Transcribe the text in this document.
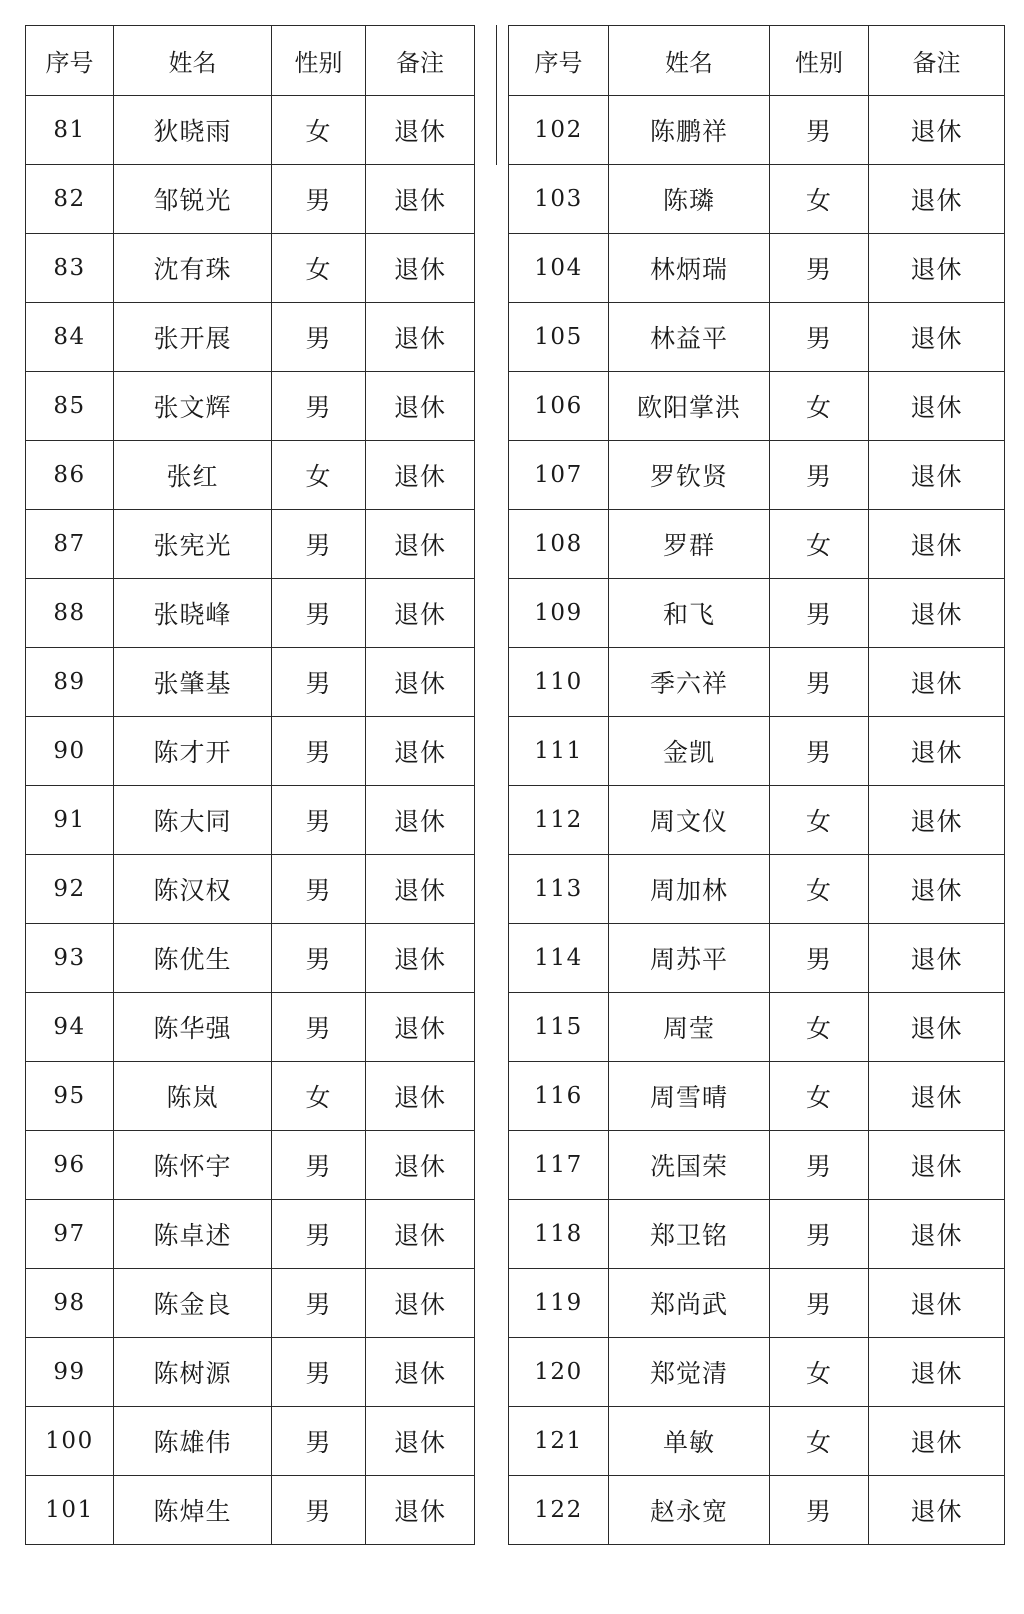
序号	姓名	性别	备注
81	狄晓雨	女	退休
82	邹锐光	男	退休
83	沈有珠	女	退休
84	张开展	男	退休
85	张文辉	男	退休
86	张红	女	退休
87	张宪光	男	退休
88	张晓峰	男	退休
89	张肇基	男	退休
90	陈才开	男	退休
91	陈大同	男	退休
92	陈汉权	男	退休
93	陈优生	男	退休
94	陈华强	男	退休
95	陈岚	女	退休
96	陈怀宇	男	退休
97	陈卓述	男	退休
98	陈金良	男	退休
99	陈树源	男	退休
100	陈雄伟	男	退休
101	陈焯生	男	退休
序号	姓名	性别	备注
102	陈鹏祥	男	退休
103	陈璘	女	退休
104	林炳瑞	男	退休
105	林益平	男	退休
106	欧阳掌洪	女	退休
107	罗钦贤	男	退休
108	罗群	女	退休
109	和飞	男	退休
110	季六祥	男	退休
111	金凯	男	退休
112	周文仪	女	退休
113	周加林	女	退休
114	周苏平	男	退休
115	周莹	女	退休
116	周雪晴	女	退休
117	冼国荣	男	退休
118	郑卫铭	男	退休
119	郑尚武	男	退休
120	郑觉清	女	退休
121	单敏	女	退休
122	赵永宽	男	退休
